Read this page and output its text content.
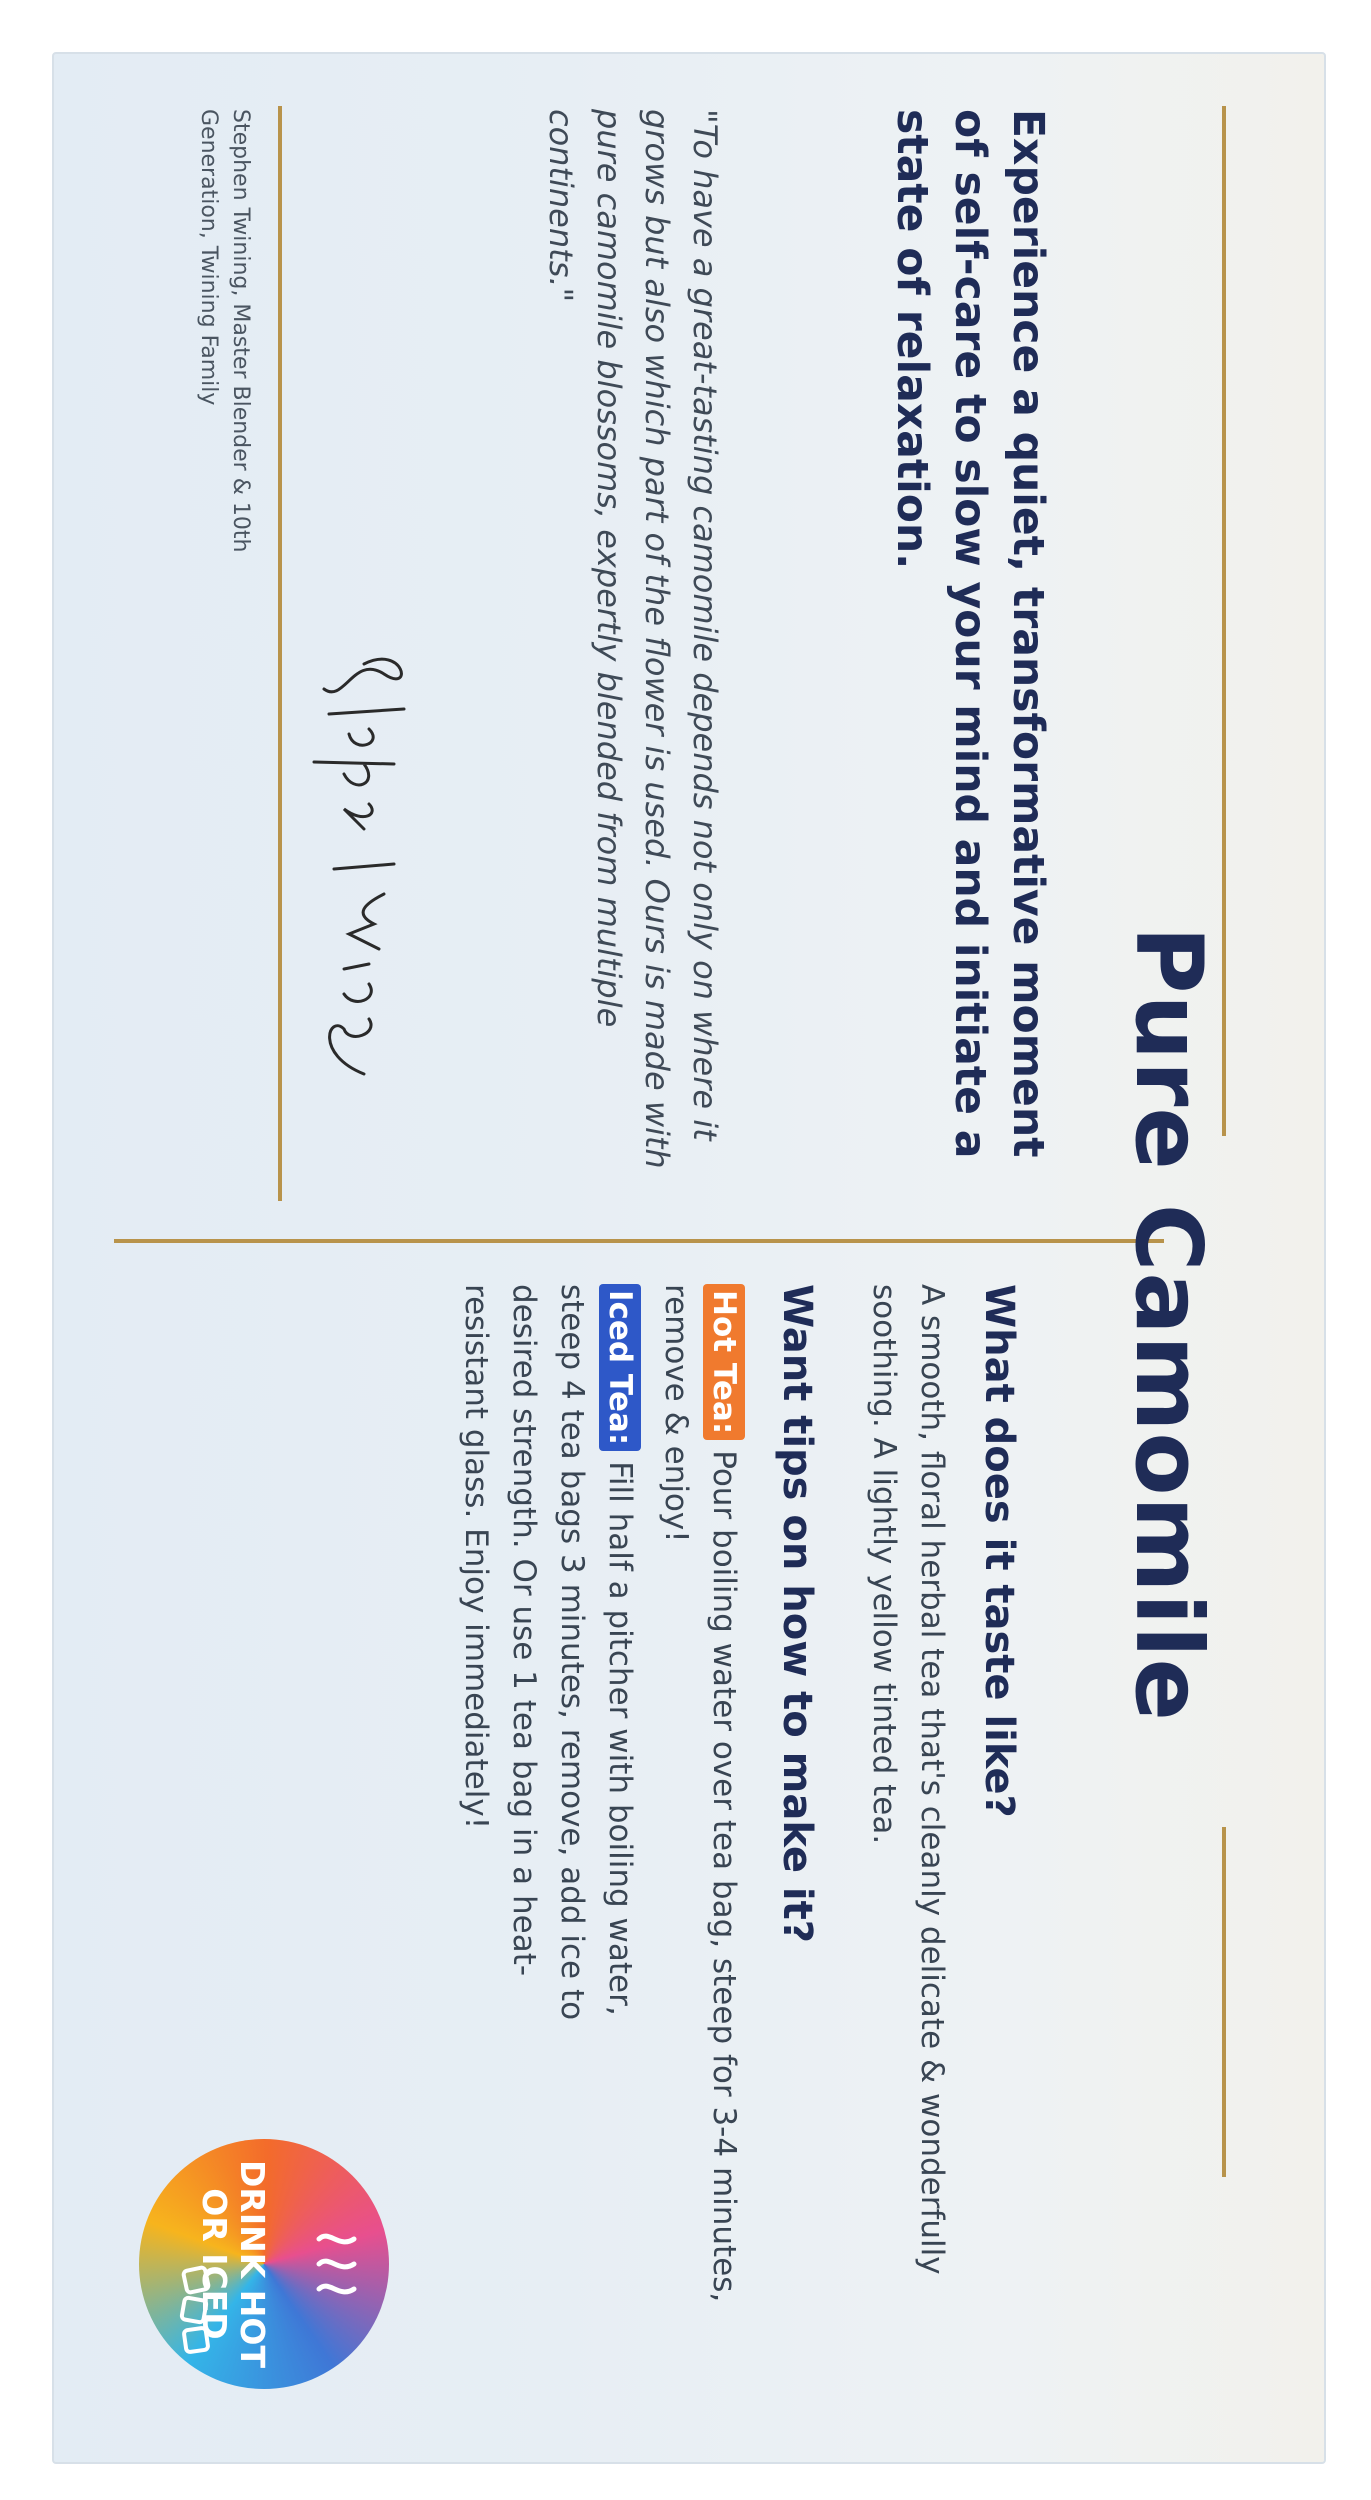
Pure Camomile
Experience a quiet, transformative moment of self-care to slow your mind and initiate a state of relaxation.
"To have a great-tasting camomile depends not only on where it grows but also which part of the flower is used. Ours is made with pure camomile blossoms, expertly blended from multiple continents."
Stephen Twining, Master Blender & 10th Generation, Twining Family
What does it taste like?
A smooth, floral herbal tea that's cleanly delicate & wonderfully soothing. A lightly yellow tinted tea.
Want tips on how to make it?
Hot Tea:Pour boiling water over tea bag, steep for 3-4 minutes, remove & enjoy!
Iced Tea:Fill half a pitcher with boiling water, steep 4 tea bags 3 minutes, remove, add ice to desired strength. Or use 1 tea bag in a heat-resistant glass. Enjoy immediately!
DRINK HOT
OR ICED
